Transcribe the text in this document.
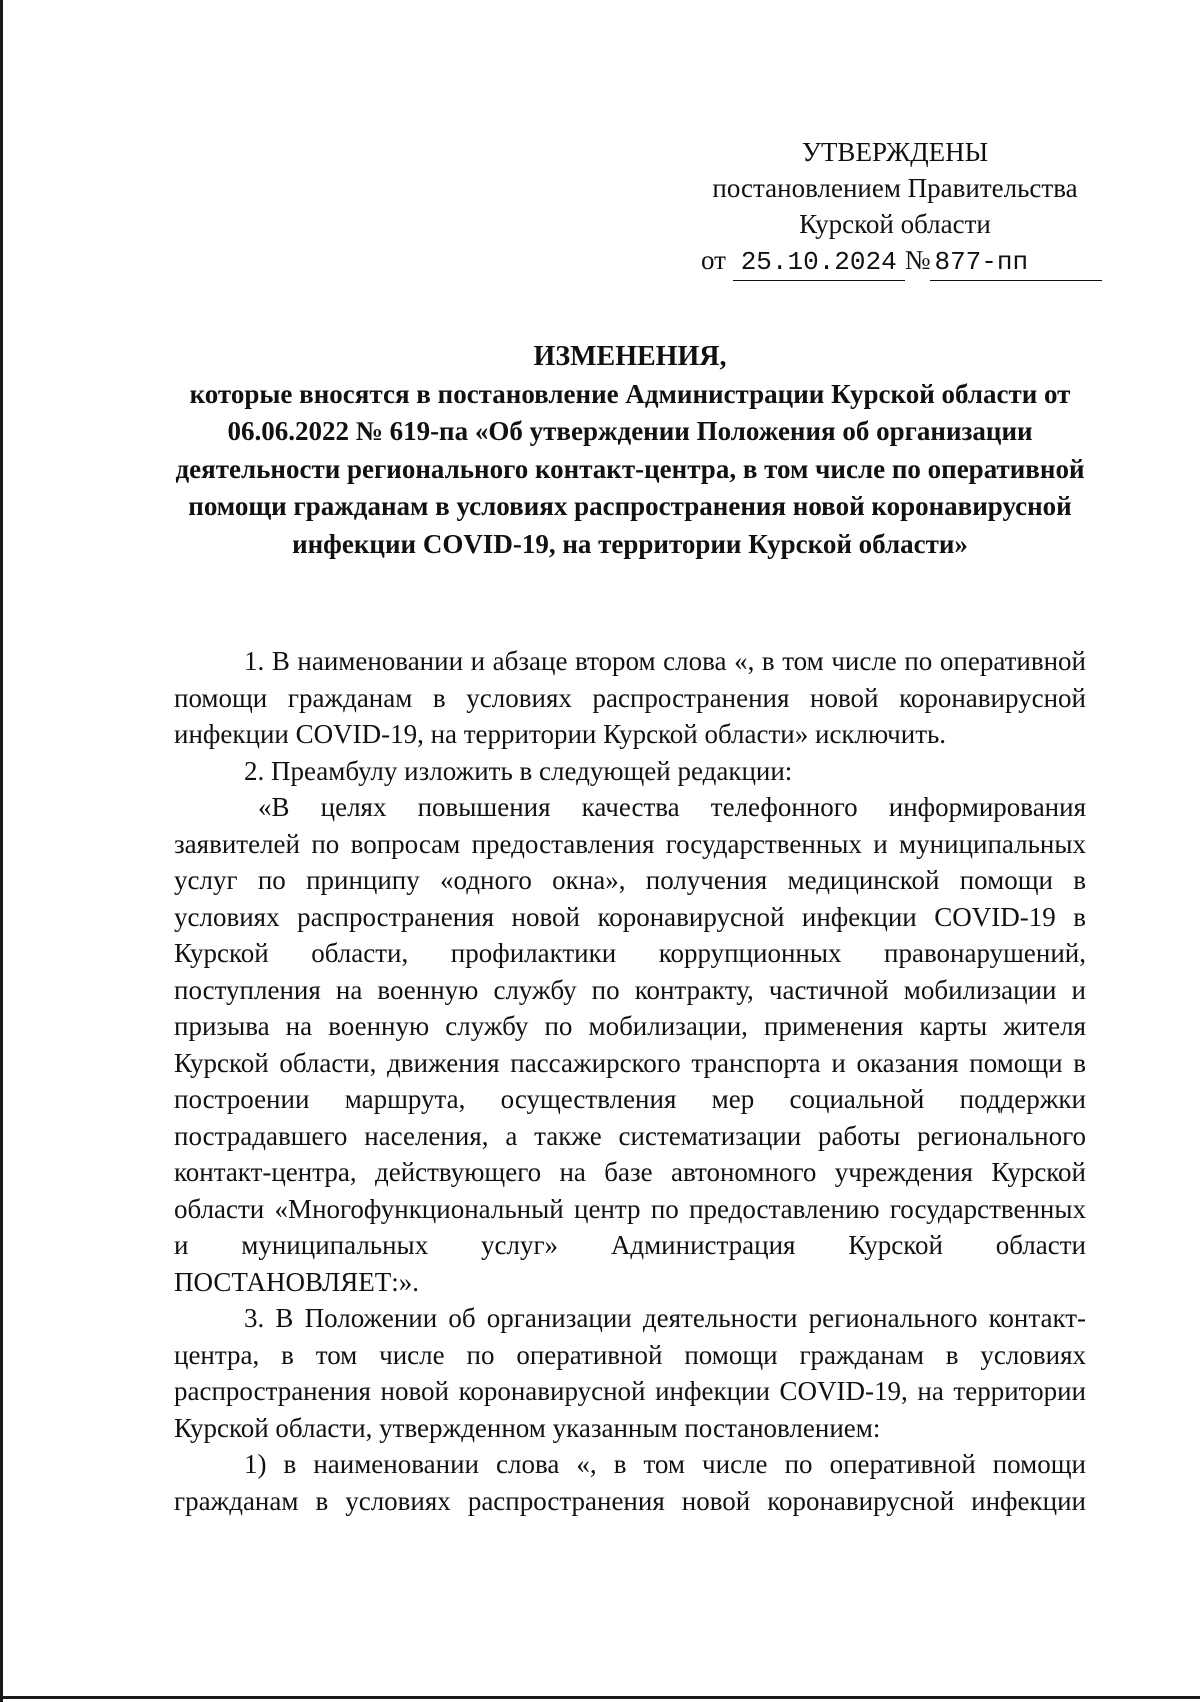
УТВЕРЖДЕНЫ
постановлением Правительства
Курской области
от 25.10.2024 № 877-пп
ИЗМЕНЕНИЯ,
которые вносятся в постановление Администрации Курской области от 06.06.2022 № 619-па «Об утверждении Положения об организации деятельности регионального контакт-центра, в том числе по оперативной помощи гражданам в условиях распространения новой коронавирусной инфекции COVID-19, на территории Курской области»

1. В наименовании и абзаце втором слова «, в том числе по оперативной помощи гражданам в условиях распространения новой коронавирусной инфекции COVID-19, на территории Курской области» исключить.

2. Преамбулу изложить в следующей редакции:

«В целях повышения качества телефонного информирования заявителей по вопросам предоставления государственных и муниципальных услуг по принципу «одного окна», получения медицинской помощи в условиях распространения новой коронавирусной инфекции COVID-19 в Курской области, профилактики коррупционных правонарушений, поступления на военную службу по контракту, частичной мобилизации и призыва на военную службу по мобилизации, применения карты жителя Курской области, движения пассажирского транспорта и оказания помощи в построении маршрута, осуществления мер социальной поддержки пострадавшего населения, а также систематизации работы регионального контакт-центра, действующего на базе автономного учреждения Курской области «Многофункциональный центр по предоставлению государственных и муниципальных услуг» Администрация Курской области ПОСТАНОВЛЯЕТ:».

3. В Положении об организации деятельности регионального контакт-центра, в том числе по оперативной помощи гражданам в условиях распространения новой коронавирусной инфекции COVID-19, на территории Курской области, утвержденном указанным постановлением:

1) в наименовании слова «, в том числе по оперативной помощи гражданам в условиях распространения новой коронавирусной инфекции
